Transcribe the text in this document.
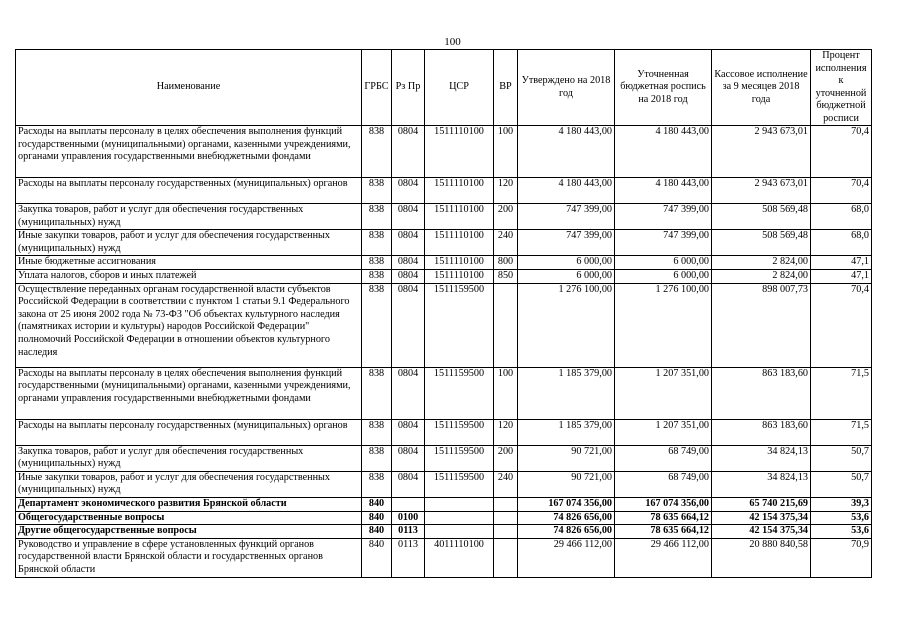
100
Наименование	ГРБС	Рз Пр	ЦСР	ВР	Утверждено на 2018 год	Уточненная бюджетная роспись на 2018 год	Кассовое исполнение за 9 месяцев 2018 года	Процент исполнения к уточненной бюджетной росписи
Расходы на выплаты персоналу в целях обеспечения выполнения функций государственными (муниципальными) органами, казенными учреждениями, органами управления государственными внебюджетными фондами	838	0804	1511110100	100	4 180 443,00	4 180 443,00	2 943 673,01	70,4
Расходы на выплаты персоналу государственных (муниципальных) органов	838	0804	1511110100	120	4 180 443,00	4 180 443,00	2 943 673,01	70,4
Закупка товаров, работ и услуг для обеспечения государственных (муниципальных) нужд	838	0804	1511110100	200	747 399,00	747 399,00	508 569,48	68,0
Иные закупки товаров, работ и услуг для обеспечения государственных (муниципальных) нужд	838	0804	1511110100	240	747 399,00	747 399,00	508 569,48	68,0
Иные бюджетные ассигнования	838	0804	1511110100	800	6 000,00	6 000,00	2 824,00	47,1
Уплата налогов, сборов и иных платежей	838	0804	1511110100	850	6 000,00	6 000,00	2 824,00	47,1
Осуществление переданных органам государственной власти субъектов Российской Федерации в соответствии с пунктом 1 статьи 9.1 Федерального закона от 25 июня 2002 года № 73-ФЗ "Об объектах культурного наследия (памятниках истории и культуры) народов Российской Федерации" полномочий Российской Федерации в отношении объектов культурного наследия	838	0804	1511159500		1 276 100,00	1 276 100,00	898 007,73	70,4
Расходы на выплаты персоналу в целях обеспечения выполнения функций государственными (муниципальными) органами, казенными учреждениями, органами управления государственными внебюджетными фондами	838	0804	1511159500	100	1 185 379,00	1 207 351,00	863 183,60	71,5
Расходы на выплаты персоналу государственных (муниципальных) органов	838	0804	1511159500	120	1 185 379,00	1 207 351,00	863 183,60	71,5
Закупка товаров, работ и услуг для обеспечения государственных (муниципальных) нужд	838	0804	1511159500	200	90 721,00	68 749,00	34 824,13	50,7
Иные закупки товаров, работ и услуг для обеспечения государственных (муниципальных) нужд	838	0804	1511159500	240	90 721,00	68 749,00	34 824,13	50,7
Департамент экономического развития Брянской области	840				167 074 356,00	167 074 356,00	65 740 215,69	39,3
Общегосударственные вопросы	840	0100			74 826 656,00	78 635 664,12	42 154 375,34	53,6
Другие общегосударственные вопросы	840	0113			74 826 656,00	78 635 664,12	42 154 375,34	53,6
Руководство и управление в сфере установленных функций органов государственной власти Брянской области и государственных органов Брянской области	840	0113	4011110100		29 466 112,00	29 466 112,00	20 880 840,58	70,9
